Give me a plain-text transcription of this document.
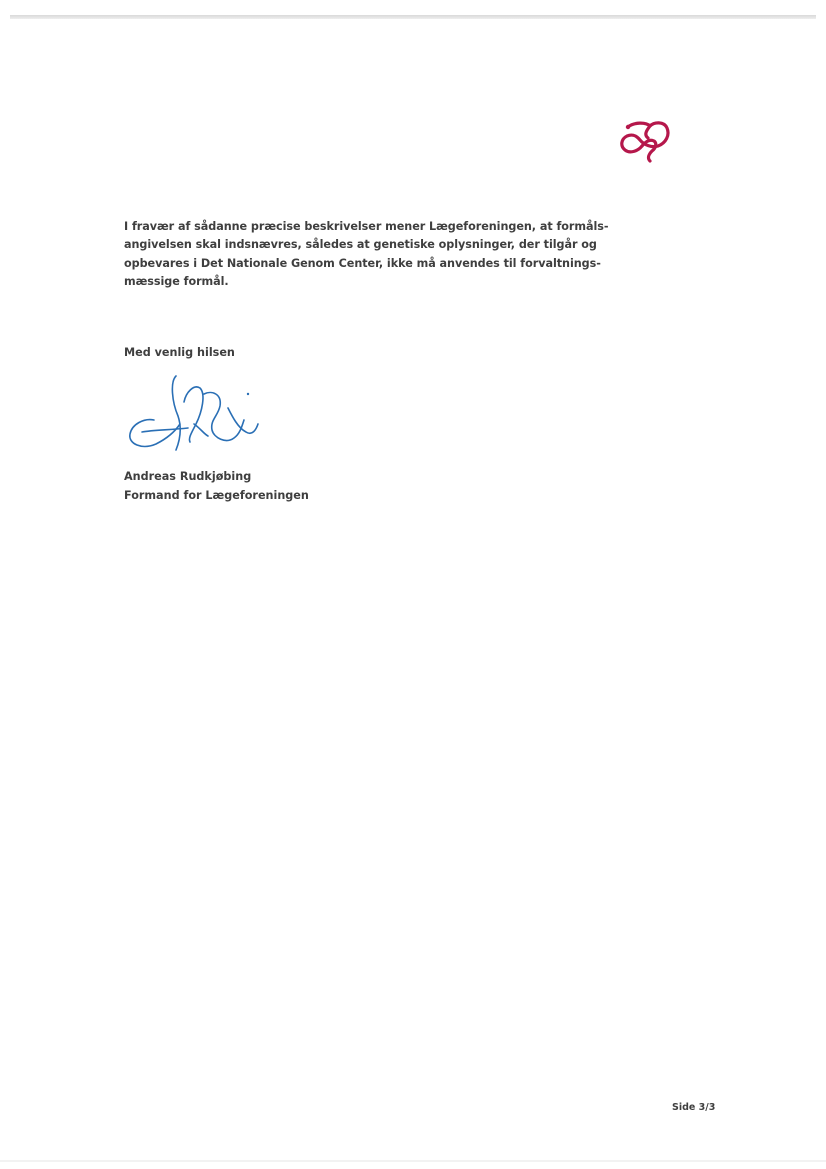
I fravær af sådanne præcise beskrivelser mener Lægeforeningen, at formåls-
angivelsen skal indsnævres, således at genetiske oplysninger, der tilgår og
opbevares i Det Nationale Genom Center, ikke må anvendes til forvaltnings-
mæssige formål.
Med venlig hilsen
Andreas Rudkjøbing
Formand for Lægeforeningen
Side 3/3
